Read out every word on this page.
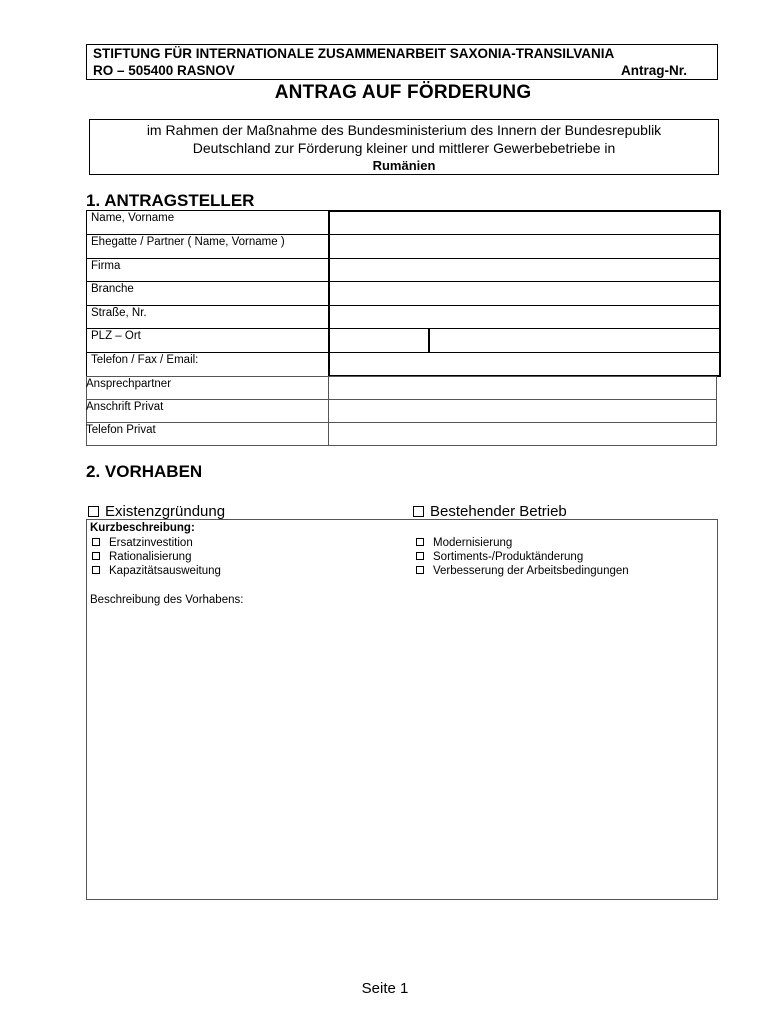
STIFTUNG FÜR INTERNATIONALE ZUSAMMENARBEIT SAXONIA-TRANSILVANIA
RO – 505400 RASNOV	Antrag-Nr.
ANTRAG AUF FÖRDERUNG
im Rahmen der Maßnahme des Bundesministerium des Innern der Bundesrepublik
Deutschland zur Förderung kleiner und mittlerer Gewerbebetriebe in
Rumänien
1. ANTRAGSTELLER
Name, Vorname
Ehegatte / Partner ( Name, Vorname )
Firma
Branche
Straße, Nr.
PLZ – Ort
Telefon / Fax / Email:
Ansprechpartner
Anschrift Privat
Telefon Privat
2. VORHABEN
Existenzgründung	Bestehender Betrieb
Kurzbeschreibung:
Ersatzinvestition
Rationalisierung
Kapazitätsausweitung
Modernisierung
Sortiments-/Produktänderung
Verbesserung der Arbeitsbedingungen
Beschreibung des Vorhabens:
Seite 1
